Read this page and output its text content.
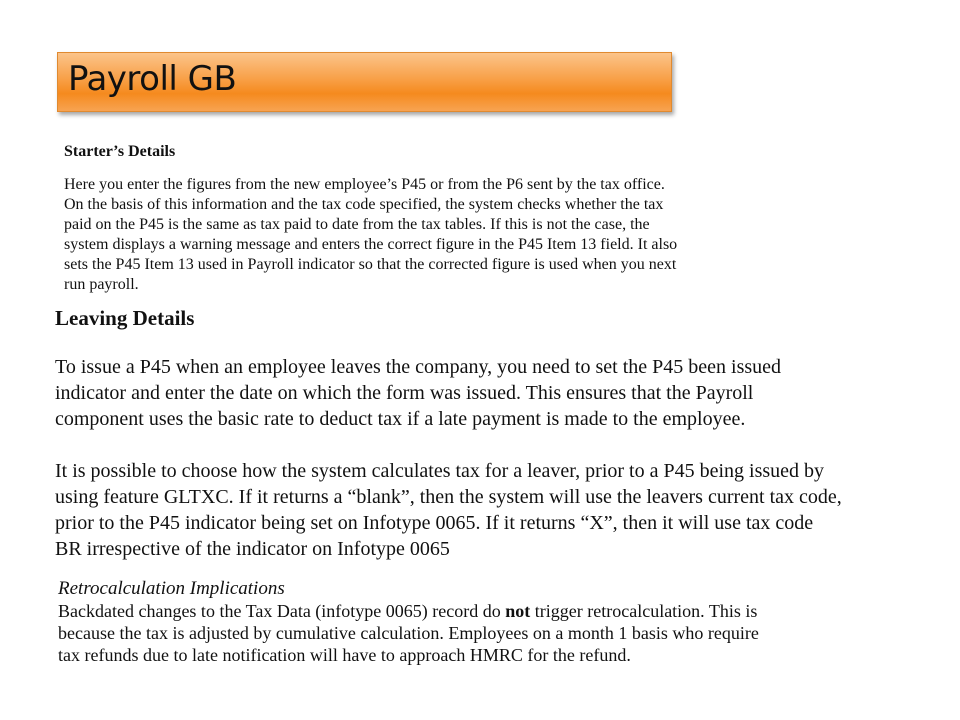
Payroll GB

Starter’s Details

Here you enter the figures from the new employee’s P45 or from the P6 sent by the tax office.
On the basis of this information and the tax code specified, the system checks whether the tax
paid on the P45 is the same as tax paid to date from the tax tables. If this is not the case, the
system displays a warning message and enters the correct figure in the P45 Item 13 field. It also
sets the P45 Item 13 used in Payroll indicator so that the corrected figure is used when you next
run payroll.

Leaving Details

To issue a P45 when an employee leaves the company, you need to set the P45 been issued
indicator and enter the date on which the form was issued. This ensures that the Payroll
component uses the basic rate to deduct tax if a late payment is made to the employee.

It is possible to choose how the system calculates tax for a leaver, prior to a P45 being issued by
using feature GLTXC. If it returns a “blank”, then the system will use the leavers current tax code,
prior to the P45 indicator being set on Infotype 0065. If it returns “X”, then it will use tax code
BR irrespective of the indicator on Infotype 0065

Retrocalculation Implications

Backdated changes to the Tax Data (infotype 0065) record do not trigger retrocalculation. This is
because the tax is adjusted by cumulative calculation. Employees on a month 1 basis who require
tax refunds due to late notification will have to approach HMRC for the refund.
